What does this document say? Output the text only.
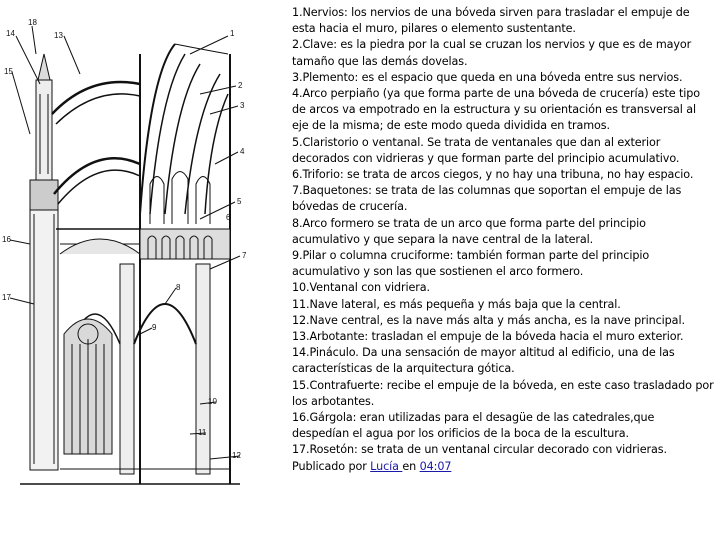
18
14	13
15
1
2
3
4
5
6
7
8
16
17
9
10
11
12

1.Nervios: los nervios de una bóveda sirven para trasladar el empuje de esta hacia el muro, pilares o elemento sustentante.

2.Clave: es la piedra por la cual se cruzan los nervios y que es de mayor tamaño que las demás dovelas.

3.Plemento: es el espacio que queda en una bóveda entre sus nervios.

4.Arco perpiaño (ya que forma parte de una bóveda de crucería) este tipo de arcos va empotrado en la estructura y su orientación es transversal al eje de la misma; de este modo queda dividida en tramos.

5.Claristorio o ventanal. Se trata de ventanales que dan al exterior decorados con vidrieras y que forman parte del principio acumulativo.

6.Triforio: se trata de arcos ciegos, y no hay una tribuna, no hay espacio.

7.Baquetones: se trata de las columnas que soportan el empuje de las bóvedas de crucería.

8.Arco formero se trata de un arco que forma parte del principio acumulativo y que separa la nave central de la lateral.

9.Pilar o columna cruciforme: también forman parte del principio acumulativo y son las que sostienen el arco formero.

10.Ventanal con vidriera.

11.Nave lateral, es más pequeña y más baja que la central.

12.Nave central, es la nave más alta y más ancha, es la nave principal.

13.Arbotante: trasladan el empuje de la bóveda hacia el muro exterior.

14.Pináculo. Da una sensación de mayor altitud al edificio, una de las características de la arquitectura gótica.

15.Contrafuerte: recibe el empuje de la bóveda, en este caso trasladado por los arbotantes.

16.Gárgola: eran utilizadas para el desagüe de las catedrales,que despedían el agua por los orificios de la boca de la escultura.

17.Rosetón: se trata de un ventanal circular decorado con vidrieras.

Publicado por Lucía en 04:07
